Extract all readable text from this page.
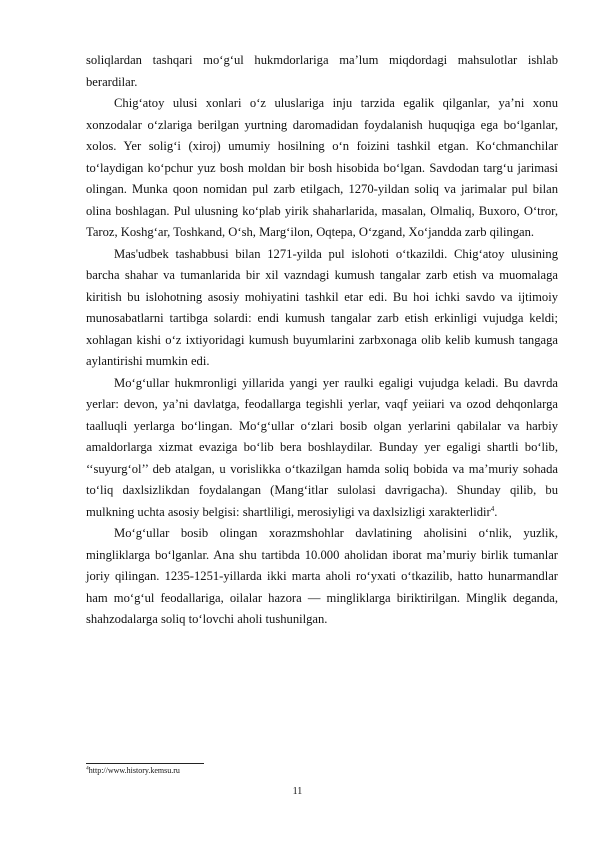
soliqlardan tashqari mo‘g‘ul hukmdorlariga ma’lum miqdordagi mahsulotlar ishlab berardilar.

Chig‘atoy ulusi xonlari o‘z uluslariga inju tarzida egalik qilganlar, ya’ni xonu xonzodalar o‘zlariga berilgan yurtning daromadidan foydalanish huquqiga ega bo‘lganlar, xolos. Yer solig‘i (xiroj) umumiy hosilning o‘n foizini tashkil etgan. Ko‘chmanchilar to‘laydigan ko‘pchur yuz bosh moldan bir bosh hisobida bo‘lgan. Savdodan targ‘u jarimasi olingan. Munka qoon nomidan pul zarb etilgach, 1270-yildan soliq va jarimalar pul bilan olina boshlagan. Pul ulusning ko‘plab yirik shaharlarida, masalan, Olmaliq, Buxoro, O‘tror, Taroz, Koshg‘ar, Toshkand, O‘sh, Marg‘ilon, Oqtepa, O‘zgand, Xo‘jandda zarb qilingan.

Mas'udbek tashabbusi bilan 1271-yilda pul islohoti o‘tkazildi. Chig‘atoy ulusining barcha shahar va tumanlarida bir xil vazndagi kumush tangalar zarb etish va muomalaga kiritish bu islohotning asosiy mohiyatini tashkil etar edi. Bu hoi ichki savdo va ijtimoiy munosabatlarni tartibga solardi: endi kumush tangalar zarb etish erkinligi vujudga keldi; xohlagan kishi o‘z ixtiyoridagi kumush buyumlarini zarbxonaga olib kelib kumush tangaga aylantirishi mumkin edi.

Mo‘g‘ullar hukmronligi yillarida yangi yer raulki egaligi vujudga keladi. Bu davrda yerlar: devon, ya’ni davlatga, feodallarga tegishli yerlar, vaqf yeiiari va ozod dehqonlarga taalluqli yerlarga bo‘lingan. Mo‘g‘ullar o‘zlari bosib olgan yerlarini qabilalar va harbiy amaldorlarga xizmat evaziga bo‘lib bera boshlaydilar. Bunday yer egaligi shartli bo‘lib, ‘‘suyurg‘ol’’ deb atalgan, u vorislikka o‘tkazilgan hamda soliq bobida va ma’muriy sohada to‘liq daxlsizlikdan foydalangan (Mang‘itlar sulolasi davrigacha). Shunday qilib, bu mulkning uchta asosiy belgisi: shartliligi, merosiyligi va daxlsizligi xarakterlidir$^4$.

Mo‘g‘ullar bosib olingan xorazmshohlar davlatining aholisini o‘nlik, yuzlik, mingliklarga bo‘lganlar. Ana shu tartibda 10.000 aholidan iborat ma’muriy birlik tumanlar joriy qilingan. 1235-1251-yillarda ikki marta aholi ro‘yxati o‘tkazilib, hatto hunarmandlar ham mo‘g‘ul feodallariga, oilalar hazora — mingliklarga biriktirilgan. Minglik deganda, shahzodalarga soliq to‘lovchi aholi tushunilgan.

$^4$http://www.history.kemsu.ru
11
